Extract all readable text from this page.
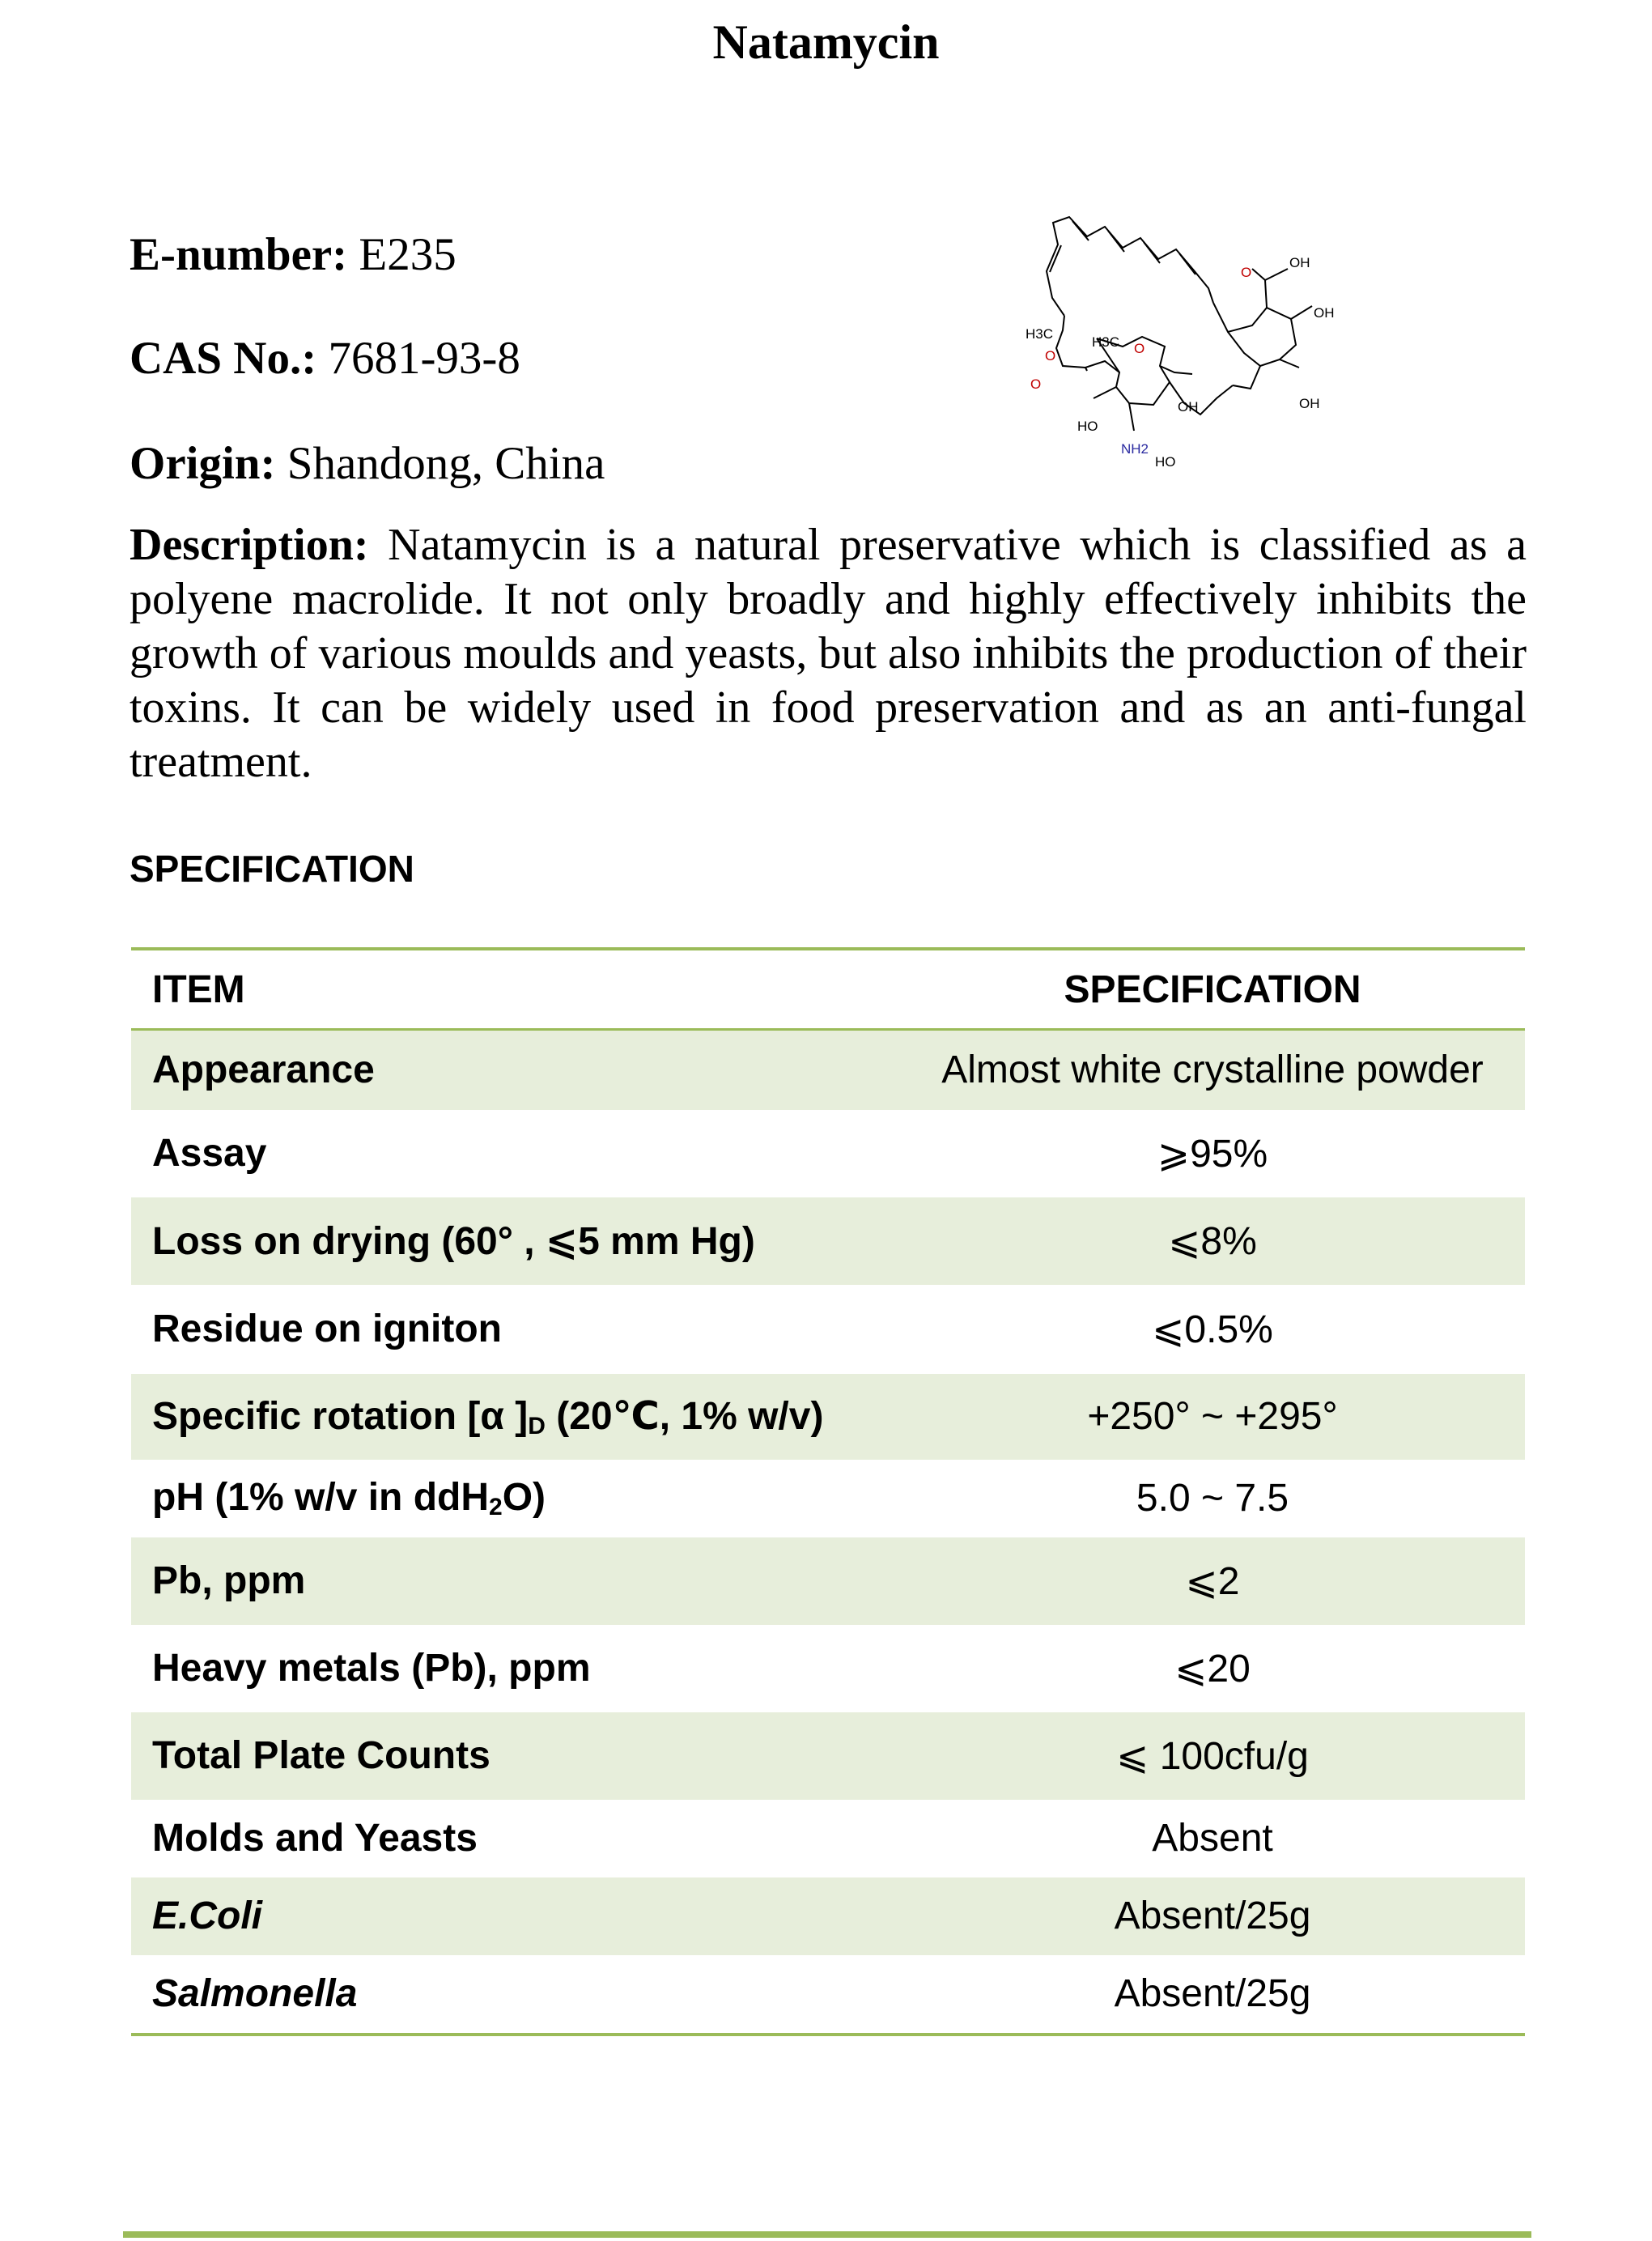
Natamycin
E-number: E235
CAS No.: 7681-93-8
Origin: Shandong, China
OH
O
OH
H3C
H3C
O
O
O
OH	OH
HO
NH2
HO
Description: Natamycin is a natural preservative which is classified as a polyene macrolide. It not only broadly and highly effectively inhibits the growth of various moulds and yeasts, but also inhibits the production of their toxins. It can be widely used in food preservation and as an anti-fungal treatment.
SPECIFICATION
ITEM	SPECIFICATION
Appearance	Almost white crystalline powder
Assay	⩾95%
Loss on drying (60° , ⩽5 mm Hg)	⩽8%
Residue on igniton	⩽0.5%
Specific rotation [α ]$_D$ (20℃, 1% w/v)	+250° ~ +295°
pH (1% w/v in ddH$_2$O)	5.0 ~ 7.5
Pb, ppm	⩽2
Heavy metals (Pb), ppm	⩽20
Total Plate Counts	⩽ 100cfu/g
Molds and Yeasts	Absent
E.Coli	Absent/25g
Salmonella	Absent/25g
